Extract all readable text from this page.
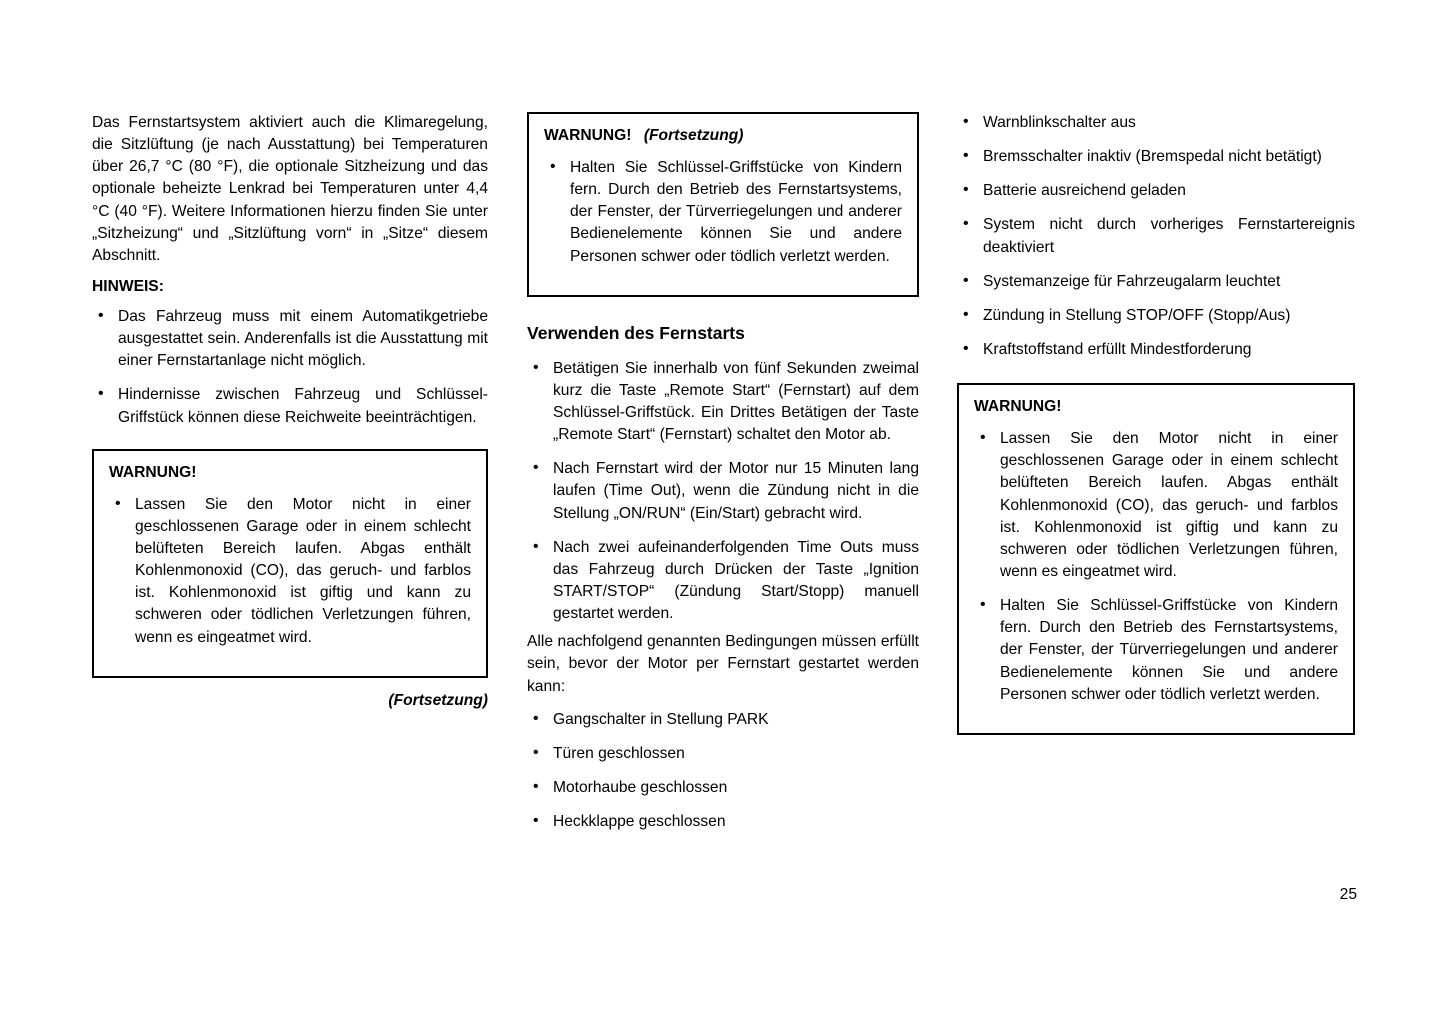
Das Fernstartsystem aktiviert auch die Klimaregelung, die Sitzlüftung (je nach Ausstattung) bei Temperaturen über 26,7 °C (80 °F), die optionale Sitzheizung und das optionale beheizte Lenkrad bei Temperaturen unter 4,4 °C (40 °F). Weitere Informationen hierzu finden Sie unter „Sitzheizung“ und „Sitzlüftung vorn“ in „Sitze“ diesem Abschnitt.

HINWEIS:
• Das Fahrzeug muss mit einem Automatikgetriebe ausgestattet sein. Anderenfalls ist die Ausstattung mit einer Fernstartanlage nicht möglich.
• Hindernisse zwischen Fahrzeug und Schlüssel-Griffstück können diese Reichweite beeinträchtigen.
WARNUNG!
• Lassen Sie den Motor nicht in einer geschlossenen Garage oder in einem schlecht belüfteten Bereich laufen. Abgas enthält Kohlenmonoxid (CO), das geruch- und farblos ist. Kohlenmonoxid ist giftig und kann zu schweren oder tödlichen Verletzungen führen, wenn es eingeatmet wird.
(Fortsetzung)
WARNUNG! (Fortsetzung)
• Halten Sie Schlüssel-Griffstücke von Kindern fern. Durch den Betrieb des Fernstartsystems, der Fenster, der Türverriegelungen und anderer Bedienelemente können Sie und andere Personen schwer oder tödlich verletzt werden.
Verwenden des Fernstarts
• Betätigen Sie innerhalb von fünf Sekunden zweimal kurz die Taste „Remote Start“ (Fernstart) auf dem Schlüssel-Griffstück. Ein Drittes Betätigen der Taste „Remote Start“ (Fernstart) schaltet den Motor ab.
• Nach Fernstart wird der Motor nur 15 Minuten lang laufen (Time Out), wenn die Zündung nicht in die Stellung „ON/RUN“ (Ein/Start) gebracht wird.
• Nach zwei aufeinanderfolgenden Time Outs muss das Fahrzeug durch Drücken der Taste „Ignition START/STOP“ (Zündung Start/Stopp) manuell gestartet werden.

Alle nachfolgend genannten Bedingungen müssen erfüllt sein, bevor der Motor per Fernstart gestartet werden kann:

• Gangschalter in Stellung PARK
• Türen geschlossen
• Motorhaube geschlossen
• Heckklappe geschlossen
• Warnblinkschalter aus
• Bremsschalter inaktiv (Bremspedal nicht betätigt)
• Batterie ausreichend geladen
• System nicht durch vorheriges Fernstartereignis deaktiviert
• Systemanzeige für Fahrzeugalarm leuchtet
• Zündung in Stellung STOP/OFF (Stopp/Aus)
• Kraftstoffstand erfüllt Mindestforderung
WARNUNG!
• Lassen Sie den Motor nicht in einer geschlossenen Garage oder in einem schlecht belüfteten Bereich laufen. Abgas enthält Kohlenmonoxid (CO), das geruch- und farblos ist. Kohlenmonoxid ist giftig und kann zu schweren oder tödlichen Verletzungen führen, wenn es eingeatmet wird.
• Halten Sie Schlüssel-Griffstücke von Kindern fern. Durch den Betrieb des Fernstartsystems, der Fenster, der Türverriegelungen und anderer Bedienelemente können Sie und andere Personen schwer oder tödlich verletzt werden.
25
